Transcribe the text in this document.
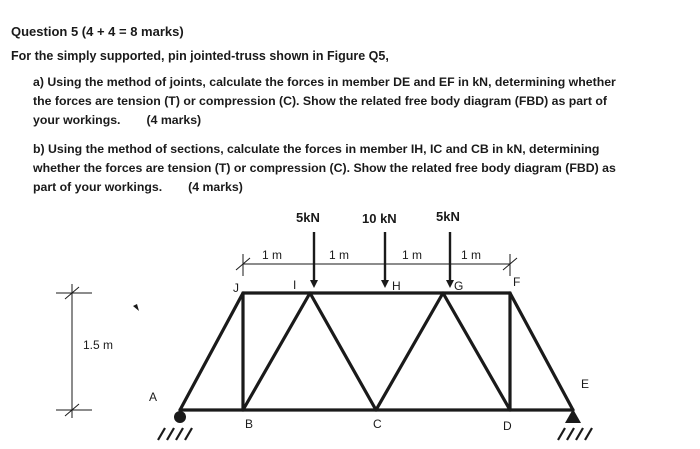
Question 5 (4 + 4 = 8 marks)
For the simply supported, pin jointed-truss shown in Figure Q5,
a) Using the method of joints, calculate the forces in member DE and EF in kN, determining whether
the forces are tension (T) or compression (C). Show the related free body diagram (FBD) as part of
your workings. (4 marks)
b) Using the method of sections, calculate the forces in member IH, IC and CB in kN, determining
whether the forces are tension (T) or compression (C). Show the related free body diagram (FBD) as
part of your workings. (4 marks)
5kN	10 kN	5kN
1 m	1 m	1 m	1 m
1.5 m
A
B	C	D
E
F
G
H
I
J
